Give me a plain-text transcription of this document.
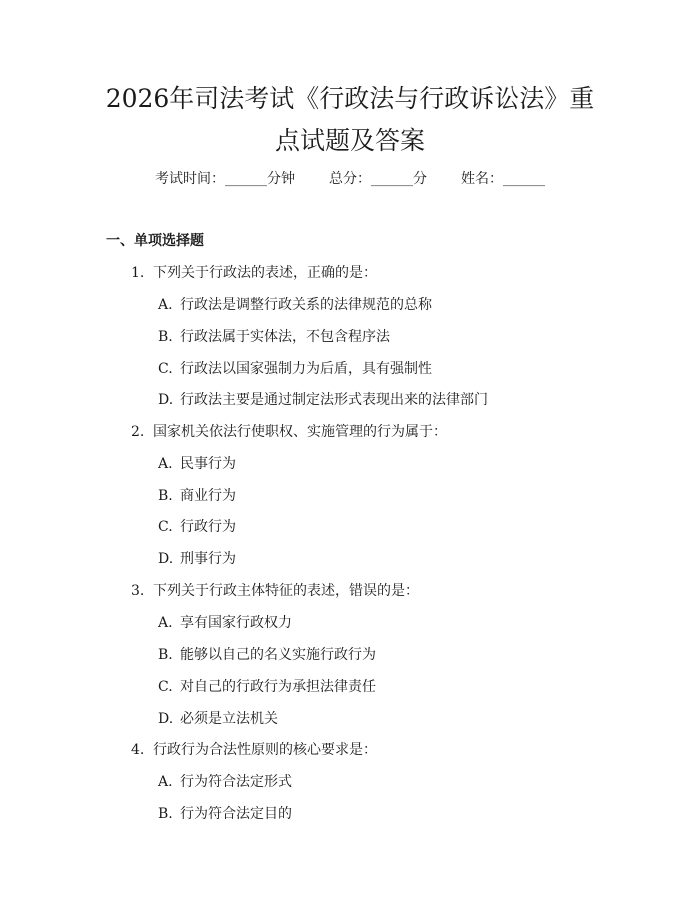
2026年司法考试《行政法与行政诉讼法》重
点试题及答案
考试时间：______分钟 总分：______分 姓名：______
一、单项选择题
1. 下列关于行政法的表述，正确的是：
A. 行政法是调整行政关系的法律规范的总称
B. 行政法属于实体法，不包含程序法
C. 行政法以国家强制力为后盾，具有强制性
D. 行政法主要是通过制定法形式表现出来的法律部门
2. 国家机关依法行使职权、实施管理的行为属于：
A. 民事行为
B. 商业行为
C. 行政行为
D. 刑事行为
3. 下列关于行政主体特征的表述，错误的是：
A. 享有国家行政权力
B. 能够以自己的名义实施行政行为
C. 对自己的行政行为承担法律责任
D. 必须是立法机关
4. 行政行为合法性原则的核心要求是：
A. 行为符合法定形式
B. 行为符合法定目的
